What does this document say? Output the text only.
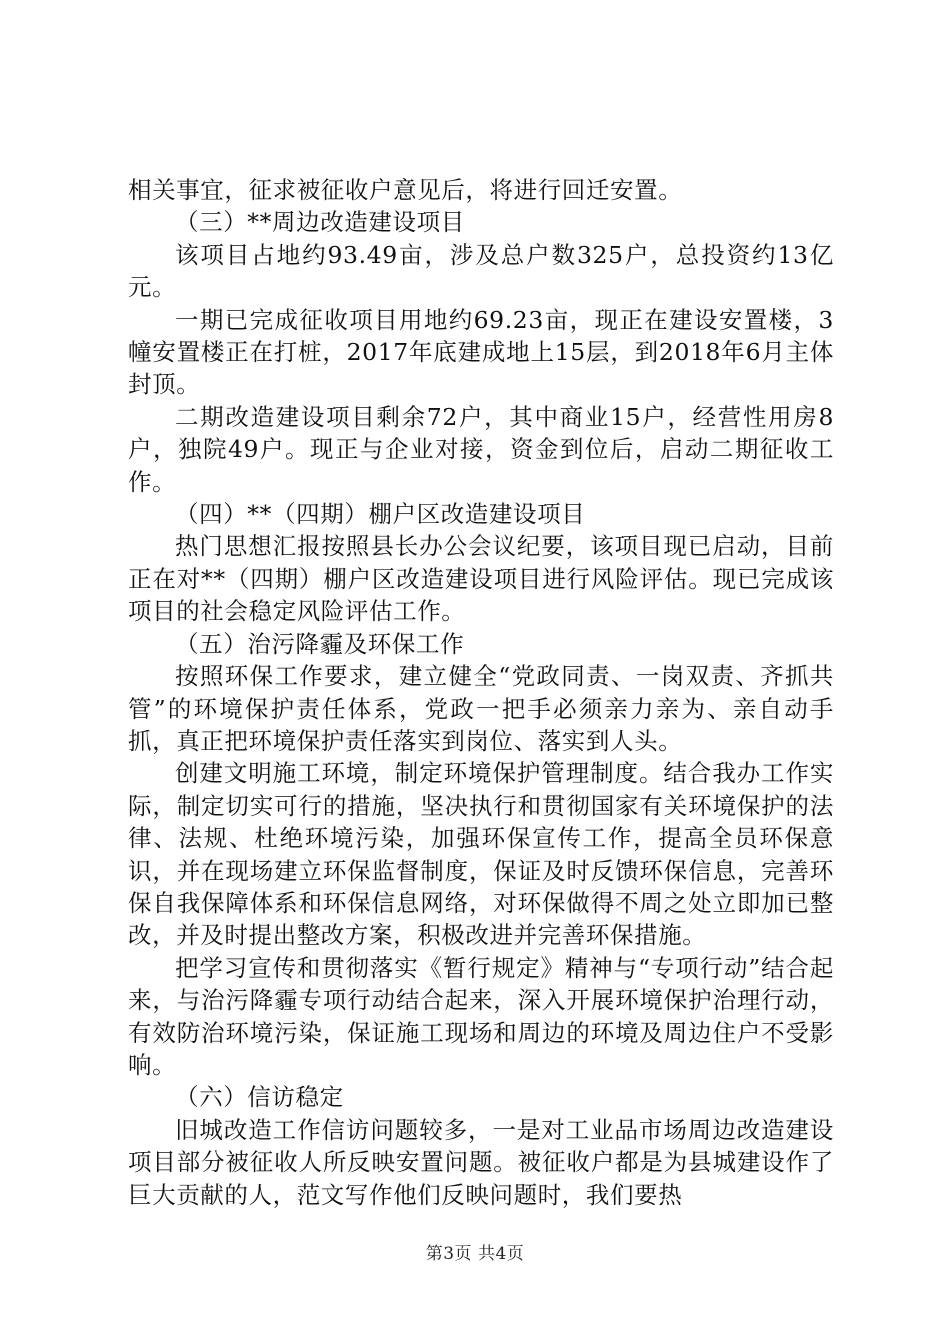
相关事宜，征求被征收户意见后，将进行回迁安置。

（三）**周边改造建设项目

该项目占地约93.49亩，涉及总户数325户，总投资约13亿元。

一期已完成征收项目用地约69.23亩，现正在建设安置楼，3幢安置楼正在打桩，2017年底建成地上15层，到2018年6月主体封顶。

二期改造建设项目剩余72户，其中商业15户，经营性用房8户，独院49户。现正与企业对接，资金到位后，启动二期征收工作。

（四）**（四期）棚户区改造建设项目

热门思想汇报按照县长办公会议纪要，该项目现已启动，目前正在对**（四期）棚户区改造建设项目进行风险评估。现已完成该项目的社会稳定风险评估工作。

（五）治污降霾及环保工作

按照环保工作要求，建立健全“党政同责、一岗双责、齐抓共管”的环境保护责任体系，党政一把手必须亲力亲为、亲自动手抓，真正把环境保护责任落实到岗位、落实到人头。

创建文明施工环境，制定环境保护管理制度。结合我办工作实际，制定切实可行的措施，坚决执行和贯彻国家有关环境保护的法律、法规、杜绝环境污染，加强环保宣传工作，提高全员环保意识，并在现场建立环保监督制度，保证及时反馈环保信息，完善环保自我保障体系和环保信息网络，对环保做得不周之处立即加已整改，并及时提出整改方案，积极改进并完善环保措施。

把学习宣传和贯彻落实《暂行规定》精神与“专项行动”结合起来，与治污降霾专项行动结合起来，深入开展环境保护治理行动，有效防治环境污染，保证施工现场和周边的环境及周边住户不受影响。

（六）信访稳定

旧城改造工作信访问题较多，一是对工业品市场周边改造建设项目部分被征收人所反映安置问题。被征收户都是为县城建设作了巨大贡献的人，范文写作他们反映问题时，我们要热

第3页 共4页
